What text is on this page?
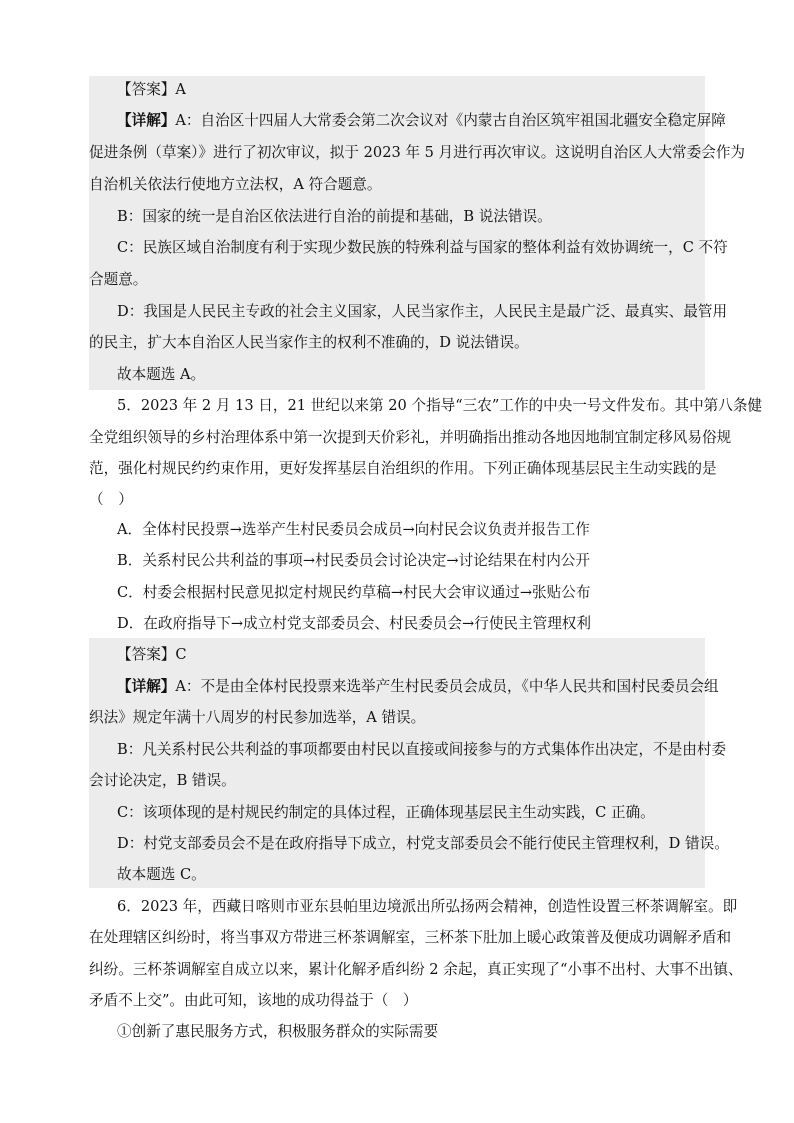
【答案】A
【详解】A：自治区十四届人大常委会第二次会议对《内蒙古自治区筑牢祖国北疆安全稳定屏障
促进条例（草案）》进行了初次审议，拟于 2023 年 5 月进行再次审议。这说明自治区人大常委会作为
自治机关依法行使地方立法权，A 符合题意。
B：国家的统一是自治区依法进行自治的前提和基础，B 说法错误。
C：民族区域自治制度有利于实现少数民族的特殊利益与国家的整体利益有效协调统一，C 不符
合题意。
D：我国是人民民主专政的社会主义国家，人民当家作主，人民民主是最广泛、最真实、最管用
的民主，扩大本自治区人民当家作主的权利不准确的，D 说法错误。
故本题选 A。
5．2023 年 2 月 13 日，21 世纪以来第 20 个指导“三农”工作的中央一号文件发布。其中第八条健
全党组织领导的乡村治理体系中第一次提到天价彩礼，并明确指出推动各地因地制宜制定移风易俗规
范，强化村规民约约束作用，更好发挥基层自治组织的作用。下列正确体现基层民主生动实践的是
（　）
A．全体村民投票→选举产生村民委员会成员→向村民会议负责并报告工作
B．关系村民公共利益的事项→村民委员会讨论决定→讨论结果在村内公开
C．村委会根据村民意见拟定村规民约草稿→村民大会审议通过→张贴公布
D．在政府指导下→成立村党支部委员会、村民委员会→行使民主管理权利
【答案】C
【详解】A：不是由全体村民投票来选举产生村民委员会成员，《中华人民共和国村民委员会组
织法》规定年满十八周岁的村民参加选举，A 错误。
B：凡关系村民公共利益的事项都要由村民以直接或间接参与的方式集体作出决定，不是由村委
会讨论决定，B 错误。
C：该项体现的是村规民约制定的具体过程，正确体现基层民主生动实践，C 正确。
D：村党支部委员会不是在政府指导下成立，村党支部委员会不能行使民主管理权利，D 错误。
故本题选 C。
6．2023 年，西藏日喀则市亚东县帕里边境派出所弘扬两会精神，创造性设置三杯茶调解室。即
在处理辖区纠纷时，将当事双方带进三杯茶调解室，三杯茶下肚加上暖心政策普及便成功调解矛盾和
纠纷。三杯茶调解室自成立以来，累计化解矛盾纠纷 2 余起，真正实现了“小事不出村、大事不出镇、
矛盾不上交”。由此可知，该地的成功得益于（　）
①创新了惠民服务方式，积极服务群众的实际需要
